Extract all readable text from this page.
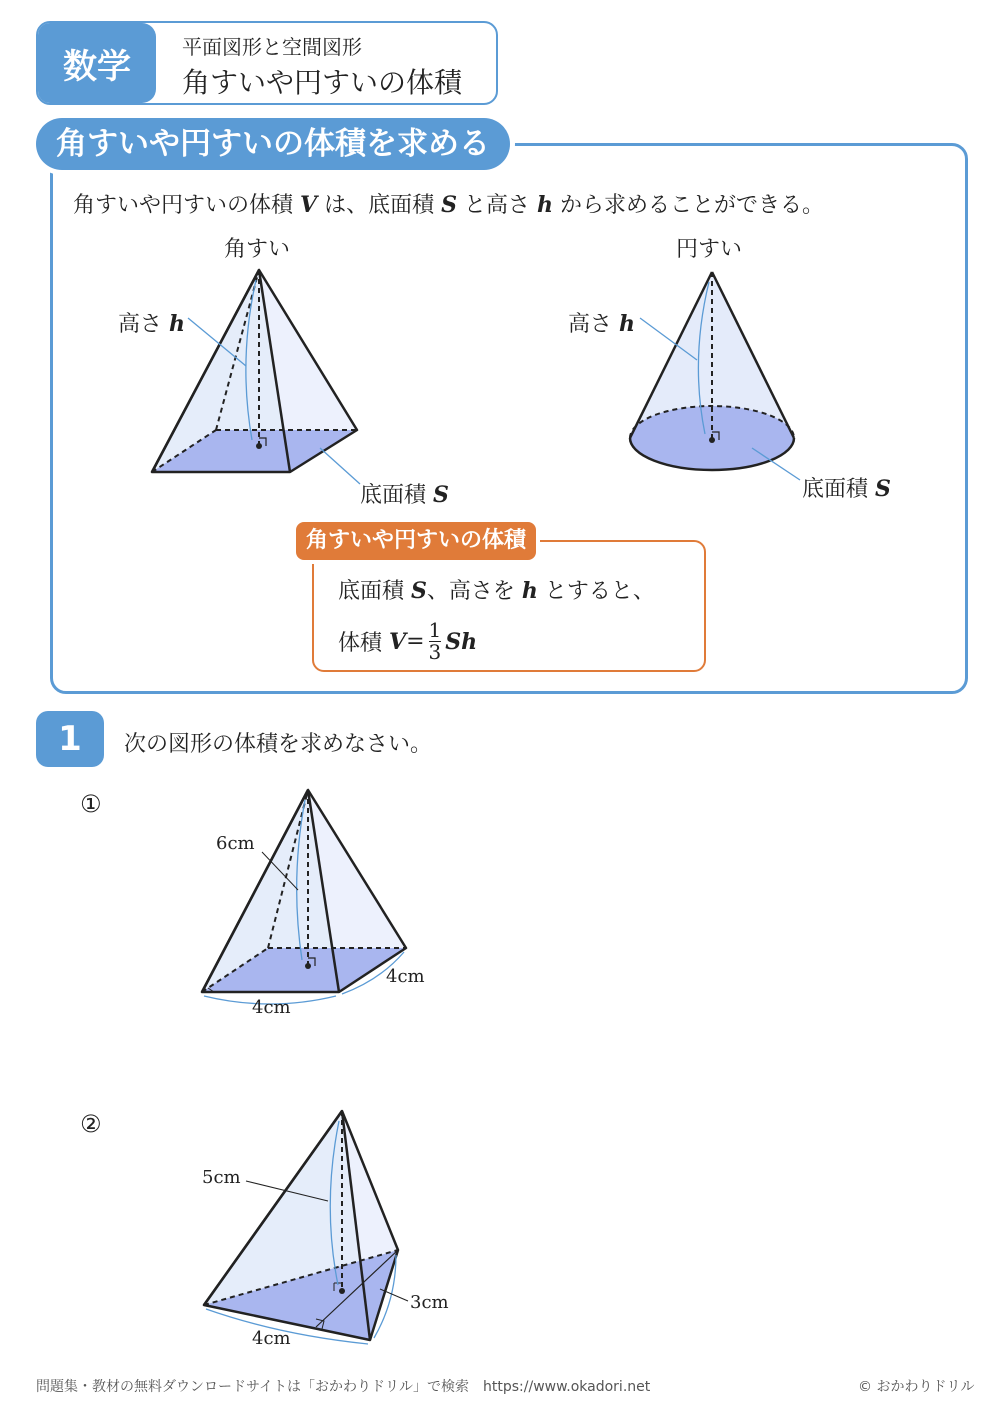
数学	平面図形と空間図形
角すいや円すいの体積
角すいや円すいの体積を求める
角すいや円すいの体積 V は、底面積 S と高さ h から求めることができる。
角すい
高さ h
底面積 S
円すい
高さ h
底面積 S
角すいや円すいの体積
底面積 S、高さを h とすると、
体積
$V = \frac{1}{3}$ Sh
1	次の図形の体積を求めなさい。
①
6cm
4cm
4cm
②
5cm
4cm
3cm
問題集・教材の無料ダウンロードサイトは「おかわりドリル」で検索　https://www.okadori.net	© おかわりドリル
